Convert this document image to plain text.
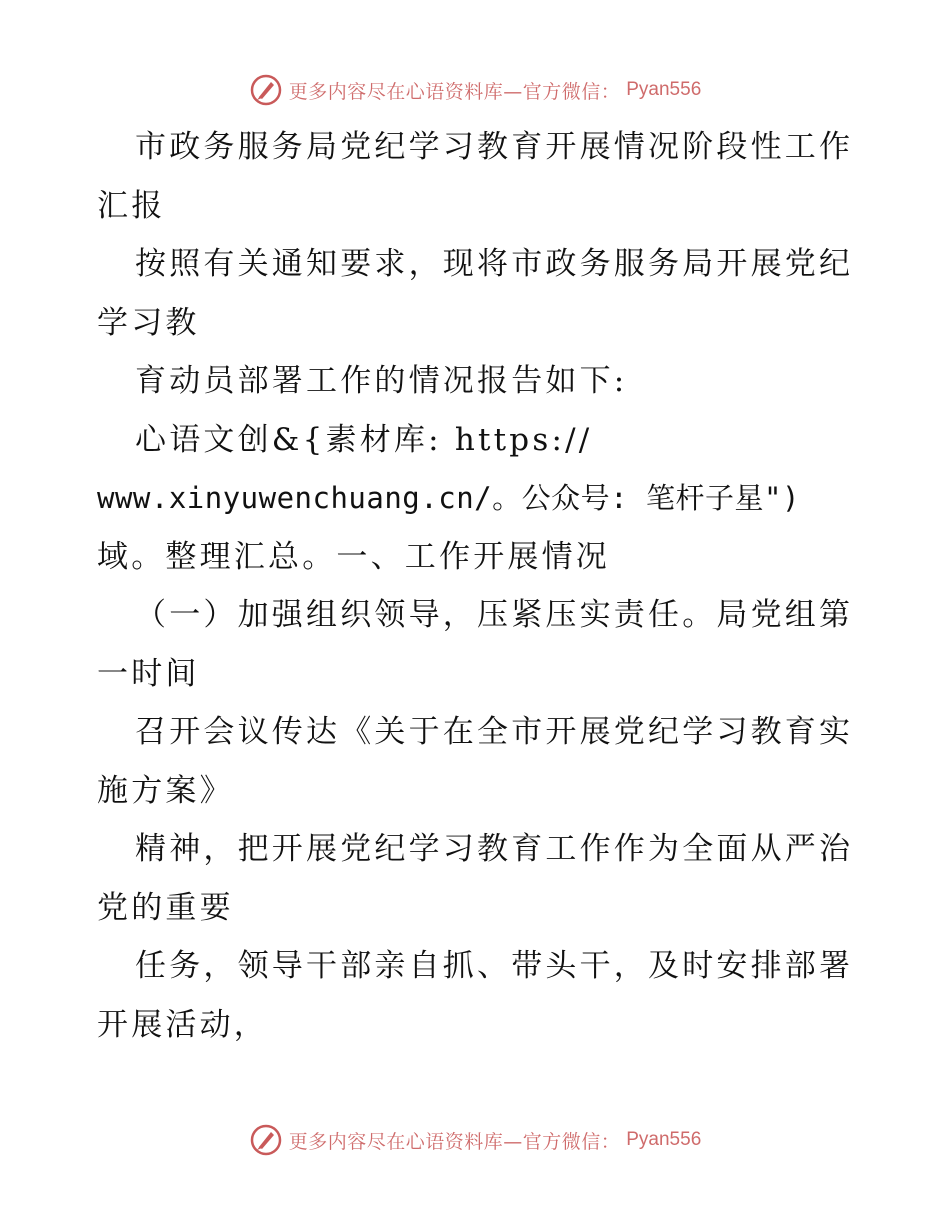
更多内容尽在心语资料库—官方微信： Pyan556
市政务服务局党纪学习教育开展情况阶段性工作
汇报
按照有关通知要求，现将市政务服务局开展党纪
学习教
育动员部署工作的情况报告如下:
心语文创&{素材库: https://
www.xinyuwenchuang.cn/。公众号: 笔杆子星")
域。整理汇总。一、工作开展情况
（一）加强组织领导，压紧压实责任。局党组第
一时间
召开会议传达《关于在全市开展党纪学习教育实
施方案》
精神，把开展党纪学习教育工作作为全面从严治
党的重要
任务，领导干部亲自抓、带头干，及时安排部署
开展活动，
更多内容尽在心语资料库—官方微信： Pyan556
